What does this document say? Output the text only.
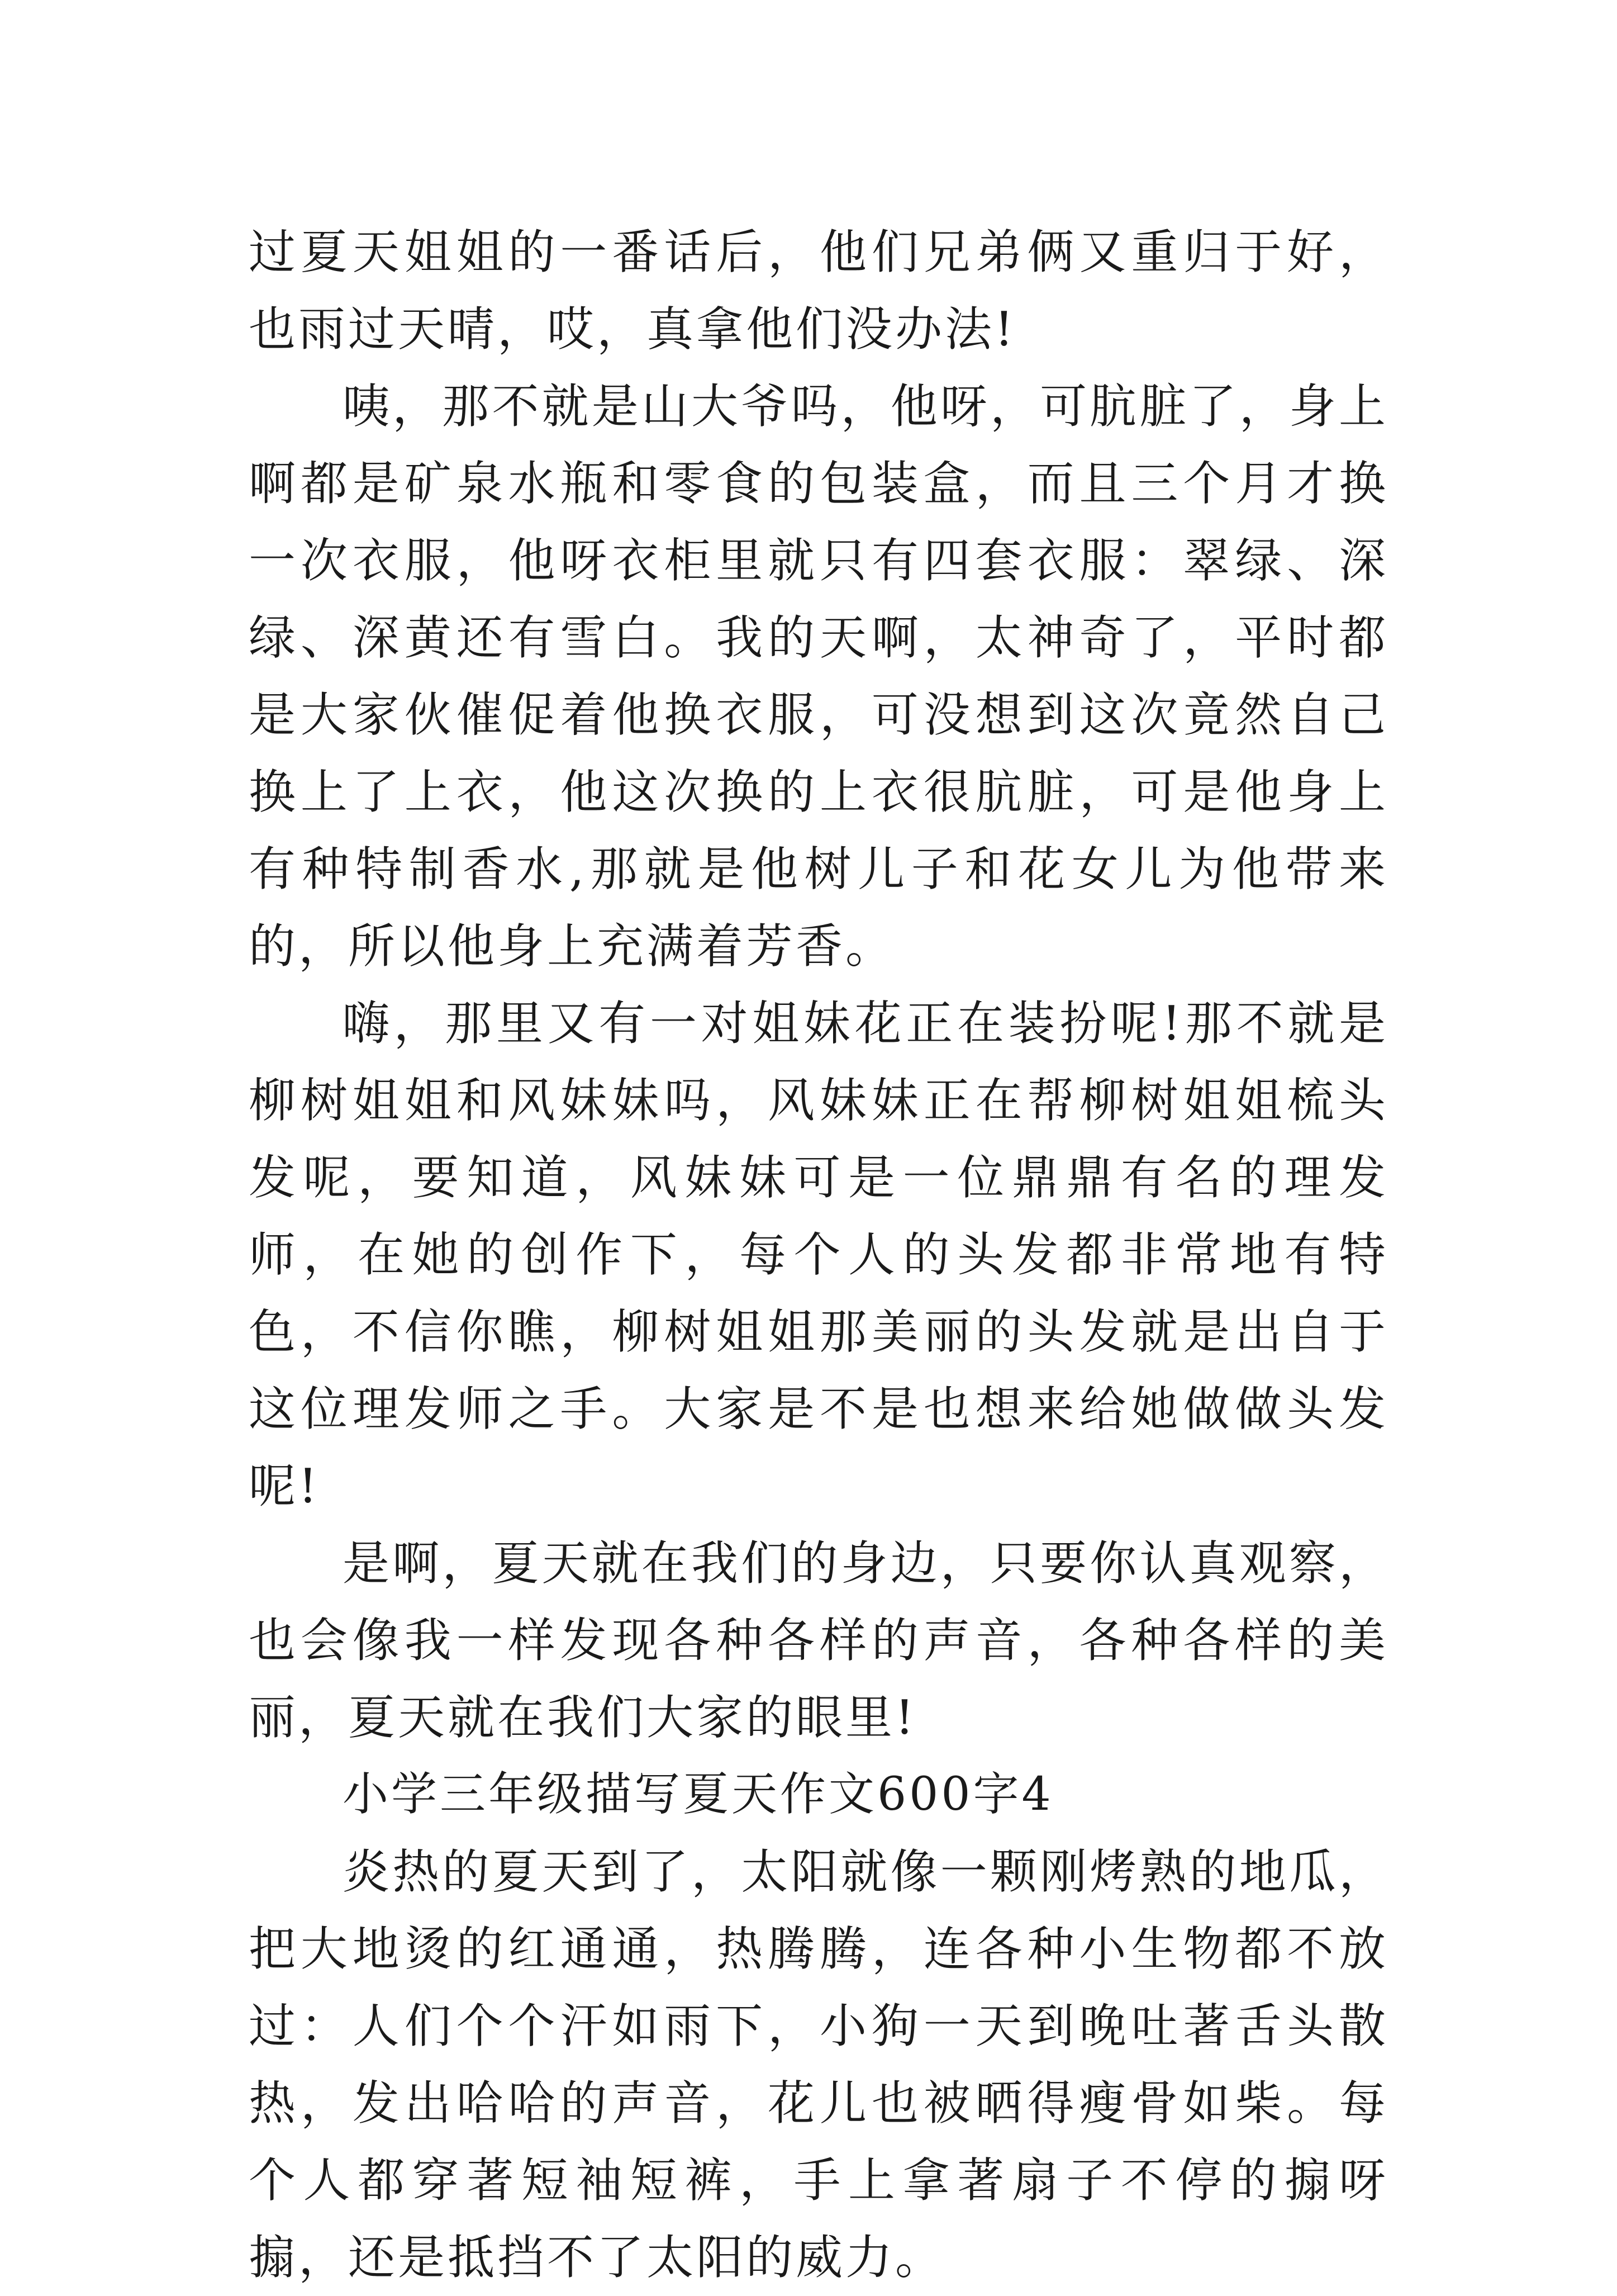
过夏天姐姐的一番话后，他们兄弟俩又重归于好，也雨过天晴，哎，真拿他们没办法!

咦，那不就是山大爷吗，他呀，可肮脏了，身上啊都是矿泉水瓶和零食的包装盒，而且三个月才换一次衣服，他呀衣柜里就只有四套衣服：翠绿、深绿、深黄还有雪白。我的天啊，太神奇了，平时都是大家伙催促着他换衣服，可没想到这次竟然自己换上了上衣，他这次换的上衣很肮脏，可是他身上有种特制香水,那就是他树儿子和花女儿为他带来的，所以他身上充满着芳香。

嗨，那里又有一对姐妹花正在装扮呢!那不就是柳树姐姐和风妹妹吗，风妹妹正在帮柳树姐姐梳头发呢，要知道，风妹妹可是一位鼎鼎有名的理发师，在她的创作下，每个人的头发都非常地有特色，不信你瞧，柳树姐姐那美丽的头发就是出自于这位理发师之手。大家是不是也想来给她做做头发呢!

是啊，夏天就在我们的身边，只要你认真观察，也会像我一样发现各种各样的声音，各种各样的美丽，夏天就在我们大家的眼里!

小学三年级描写夏天作文600字4

炎热的夏天到了，太阳就像一颗刚烤熟的地瓜，把大地烫的红通通，热腾腾，连各种小生物都不放过：人们个个汗如雨下，小狗一天到晚吐著舌头散热，发出哈哈的声音，花儿也被晒得瘦骨如柴。每个人都穿著短袖短裤，手上拿著扇子不停的搧呀搧，还是抵挡不了太阳的威力。
